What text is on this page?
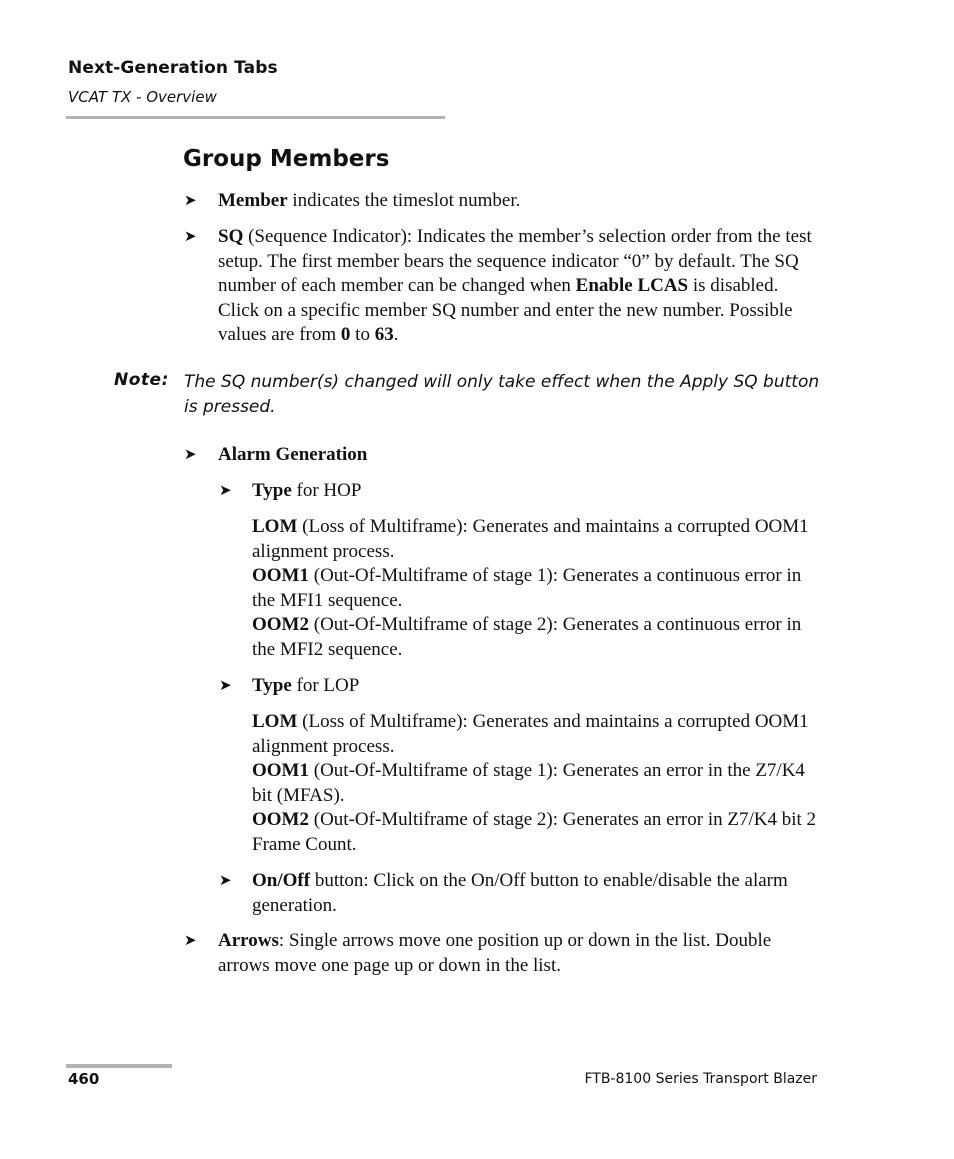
Next-Generation Tabs
VCAT TX - Overview
Group Members
➤ Member indicates the timeslot number.
➤ SQ (Sequence Indicator): Indicates the member’s selection order from the test setup. The first member bears the sequence indicator “0” by default. The SQ number of each member can be changed when Enable LCAS is disabled. Click on a specific member SQ number and enter the new number. Possible values are from 0 to 63.
Note: The SQ number(s) changed will only take effect when the Apply SQ button is pressed.
➤ Alarm Generation
➤ Type for HOP
LOM (Loss of Multiframe): Generates and maintains a corrupted OOM1 alignment process.
OOM1 (Out-Of-Multiframe of stage 1): Generates a continuous error in the MFI1 sequence.
OOM2 (Out-Of-Multiframe of stage 2): Generates a continuous error in the MFI2 sequence.
➤ Type for LOP
LOM (Loss of Multiframe): Generates and maintains a corrupted OOM1 alignment process.
OOM1 (Out-Of-Multiframe of stage 1): Generates an error in the Z7/K4 bit (MFAS).
OOM2 (Out-Of-Multiframe of stage 2): Generates an error in Z7/K4 bit 2 Frame Count.
➤ On/Off button: Click on the On/Off button to enable/disable the alarm generation.
➤ Arrows: Single arrows move one position up or down in the list. Double arrows move one page up or down in the list.
460	FTB-8100 Series Transport Blazer
